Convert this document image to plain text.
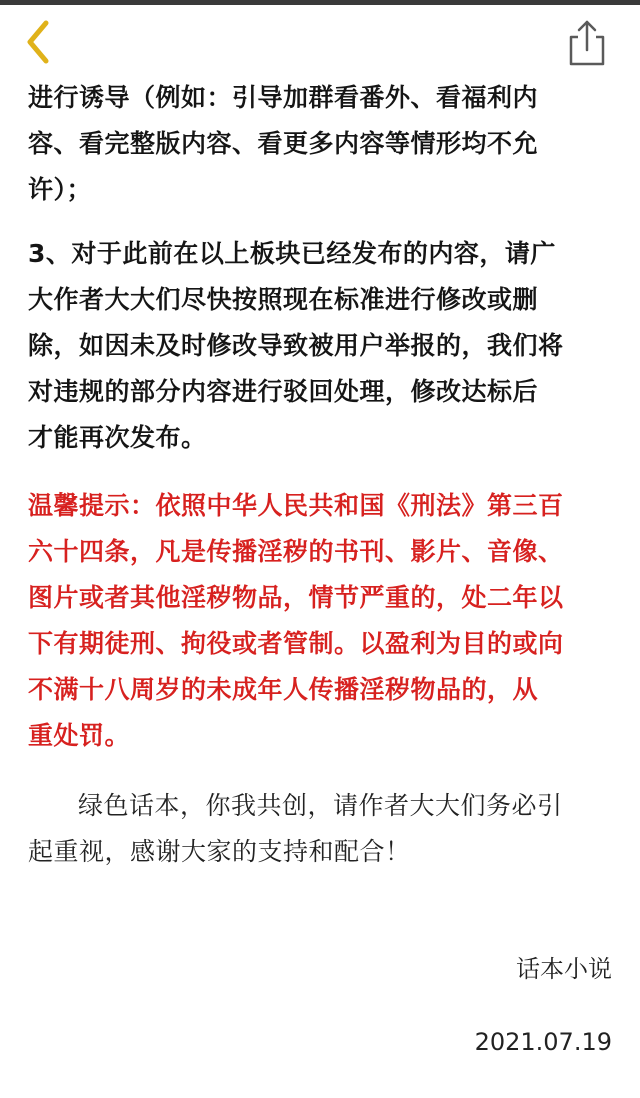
进行诱导（例如：引导加群看番外、看福利内
容、看完整版内容、看更多内容等情形均不允
许）；

3、对于此前在以上板块已经发布的内容，请广
大作者大大们尽快按照现在标准进行修改或删
除，如因未及时修改导致被用户举报的，我们将
对违规的部分内容进行驳回处理，修改达标后
才能再次发布。

温馨提示：依照中华人民共和国《刑法》第三百
六十四条，凡是传播淫秽的书刊、影片、音像、
图片或者其他淫秽物品，情节严重的，处二年以
下有期徒刑、拘役或者管制。以盈利为目的或向
不满十八周岁的未成年人传播淫秽物品的，从
重处罚。

绿色话本，你我共创，请作者大大们务必引
起重视，感谢大家的支持和配合！

话本小说
2021.07.19
